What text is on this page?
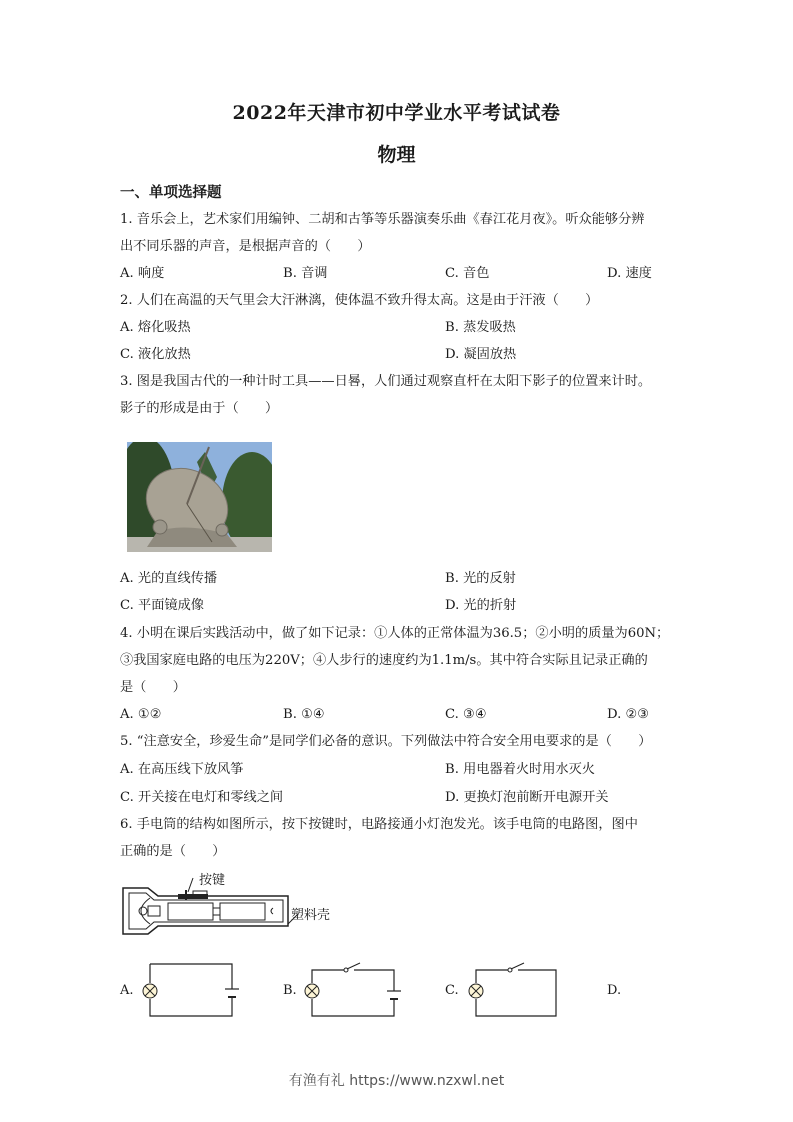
2022年天津市初中学业水平考试试卷
物理
一、单项选择题
1. 音乐会上，艺术家们用编钟、二胡和古筝等乐器演奏乐曲《春江花月夜》。听众能够分辨
出不同乐器的声音，是根据声音的（　　）
A. 响度	B. 音调	C. 音色	D. 速度
2. 人们在高温的天气里会大汗淋漓，使体温不致升得太高。这是由于汗液（　　）
A. 熔化吸热	B. 蒸发吸热
C. 液化放热	D. 凝固放热
3. 图是我国古代的一种计时工具——日晷，人们通过观察直杆在太阳下影子的位置来计时。
影子的形成是由于（　　）
A. 光的直线传播	B. 光的反射
C. 平面镜成像	D. 光的折射
4. 小明在课后实践活动中，做了如下记录：①人体的正常体温为36.5；②小明的质量为60N；
③我国家庭电路的电压为220V；④人步行的速度约为1.1m/s。其中符合实际且记录正确的
是（　　）
A. ①②	B. ①④	C. ③④	D. ②③
5. “注意安全，珍爱生命”是同学们必备的意识。下列做法中符合安全用电要求的是（　　）
A. 在高压线下放风筝	B. 用电器着火时用水灭火
C. 开关接在电灯和零线之间	D. 更换灯泡前断开电源开关
6. 手电筒的结构如图所示，按下按键时，电路接通小灯泡发光。该手电筒的电路图，图中
正确的是（　　）
按键
塑料壳
A.	B.	C.	D.
有渔有礼 https://www.nzxwl.net
